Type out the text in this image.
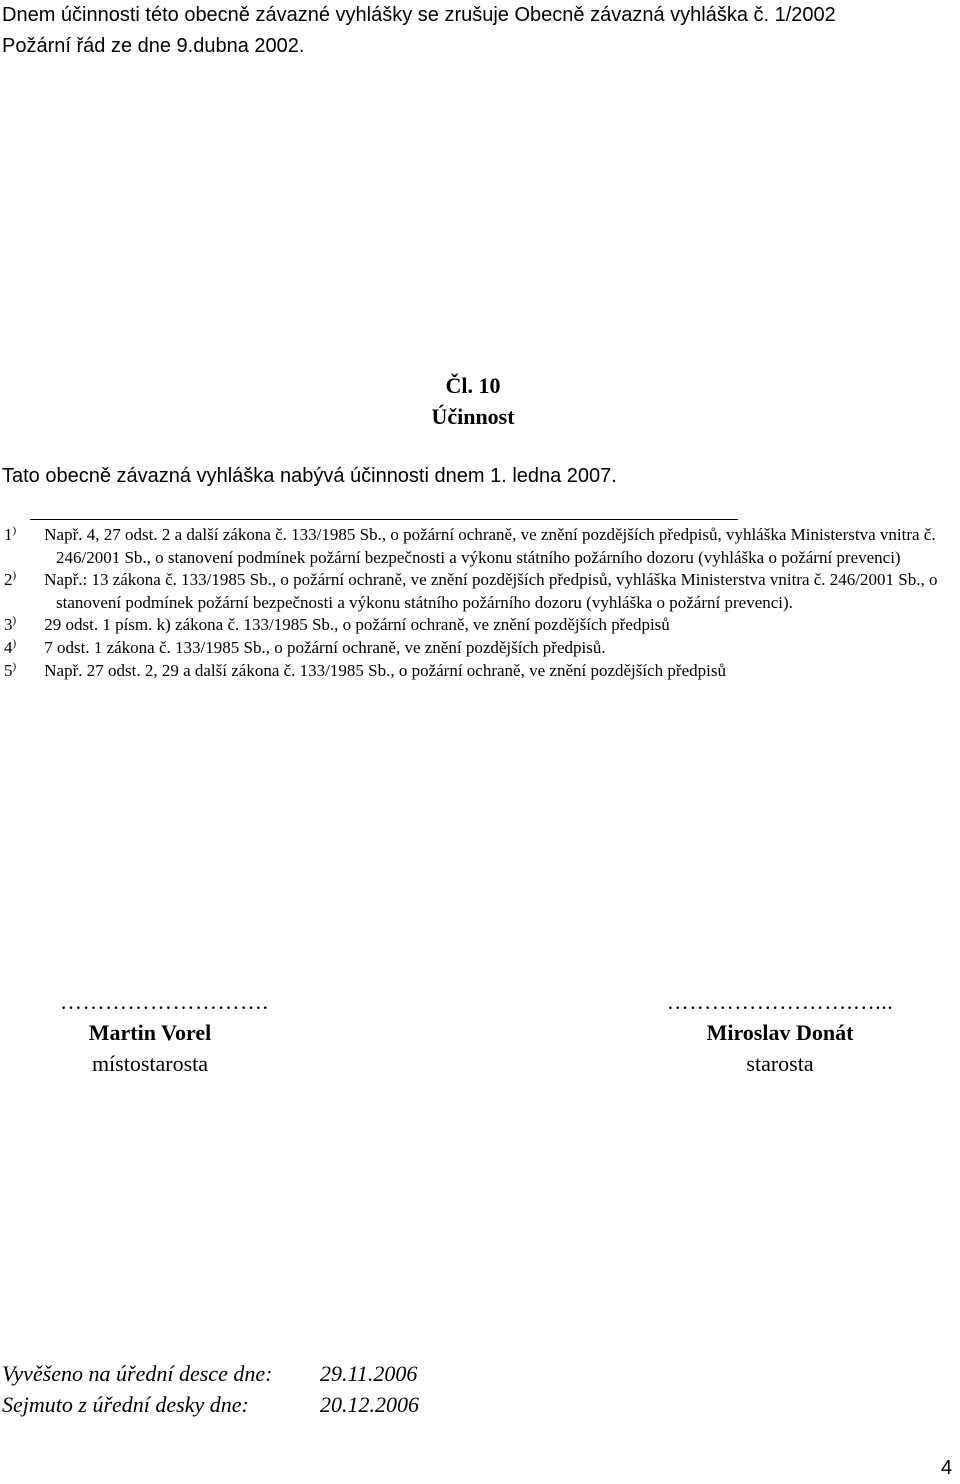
Dnem účinnosti této obecně závazné vyhlášky se zrušuje Obecně závazná vyhláška č. 1/2002 Požární řád ze dne 9.dubna 2002.
Čl. 10
Účinnost
Tato obecně závazná vyhláška nabývá účinnosti dnem 1. ledna 2007.
1) Např. 4, 27 odst. 2 a další zákona č. 133/1985 Sb., o požární ochraně, ve znění pozdějších předpisů, vyhláška Ministerstva vnitra č. 246/2001 Sb., o stanovení podmínek požární bezpečnosti a výkonu státního požárního dozoru (vyhláška o požární prevenci)
2) Např.: 13 zákona č. 133/1985 Sb., o požární ochraně, ve znění pozdějších předpisů, vyhláška Ministerstva vnitra č. 246/2001 Sb., o stanovení podmínek požární bezpečnosti a výkonu státního požárního dozoru (vyhláška o požární prevenci).
3) 29 odst. 1 písm. k) zákona č. 133/1985 Sb., o požární ochraně, ve znění pozdějších předpisů
4) 7 odst. 1 zákona č. 133/1985 Sb., o požární ochraně, ve znění pozdějších předpisů.
5) Např. 27 odst. 2, 29 a další zákona č. 133/1985 Sb., o požární ochraně, ve znění pozdějších předpisů
……………………….
Martin Vorel
místostarosta
…………………….…...
Miroslav Donát
starosta
Vyvěšeno na úřední desce dne: 29.11.2006
Sejmuto z úřední desky dne:	20.12.2006
4
